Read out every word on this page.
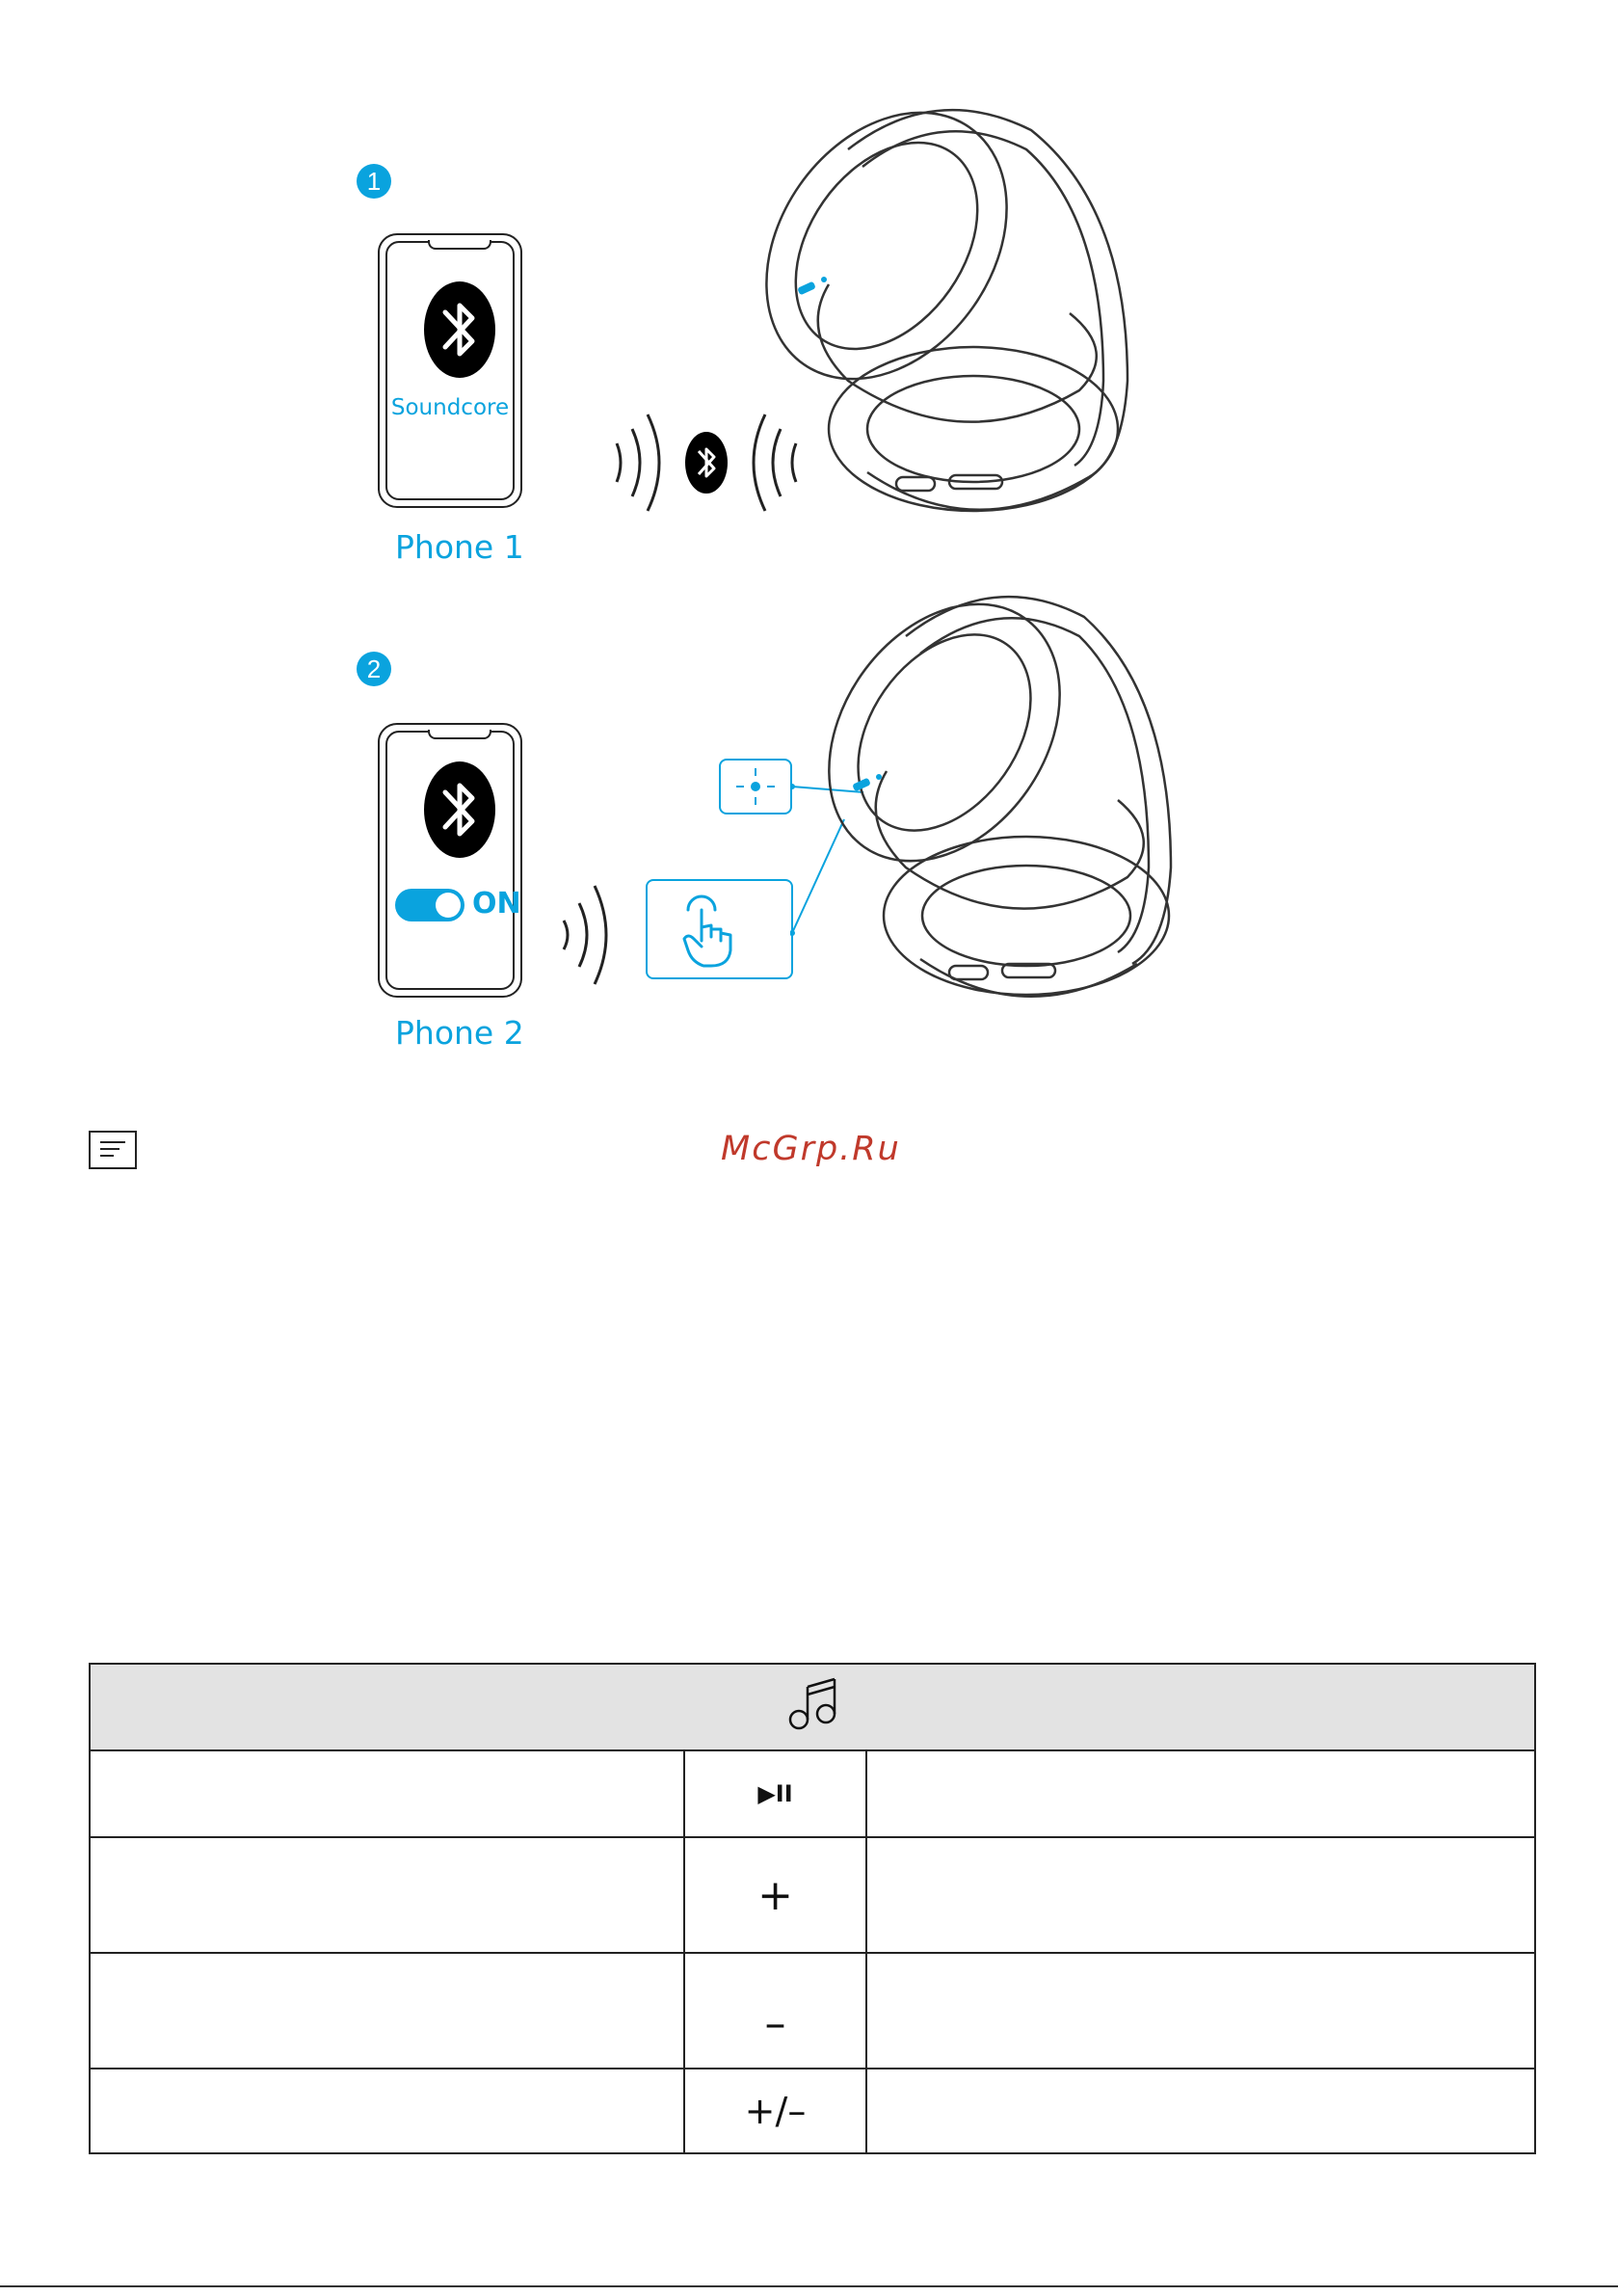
1
Soundcore
Phone 1
2
ON
Phone 2
McGrp.Ru

	▶II	
	+	
	–	
	+/–	
